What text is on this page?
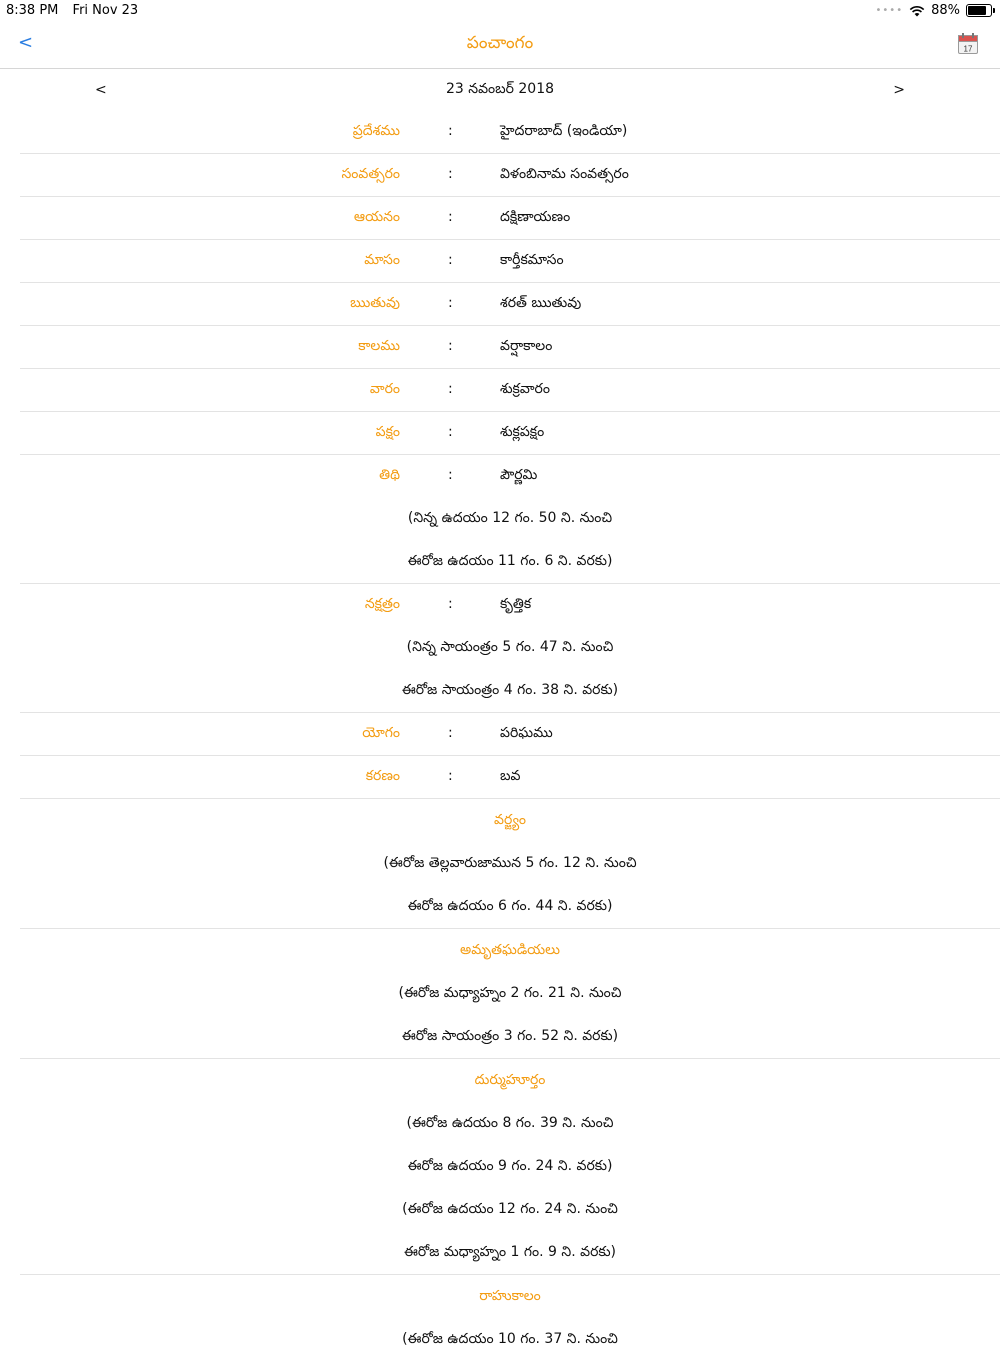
8:38 PM Fri Nov 23	•••• 88%
<	పంచాంగం	17
<	23 నవంబర్ 2018	>
ప్రదేశము	:	హైదరాబాద్ (ఇండియా)
సంవత్సరం	:	విళంబినామ సంవత్సరం
ఆయనం	:	దక్షిణాయణం
మాసం	:	కార్తీకమాసం
ఋతువు	:	శరత్ ఋతువు
కాలము	:	వర్షాకాలం
వారం	:	శుక్రవారం
పక్షం	:	శుక్లపక్షం
తిథి	:	పౌర్ణమి
(నిన్న ఉదయం 12 గం. 50 ని. నుంచి
ఈరోజ ఉదయం 11 గం. 6 ని. వరకు)
నక్షత్రం	:	కృత్తిక
(నిన్న సాయంత్రం 5 గం. 47 ని. నుంచి
ఈరోజ సాయంత్రం 4 గం. 38 ని. వరకు)
యోగం	:	పరిఘము
కరణం	:	బవ
వర్జ్యం
(ఈరోజ తెల్లవారుజామున 5 గం. 12 ని. నుంచి
ఈరోజ ఉదయం 6 గం. 44 ని. వరకు)
అమృతఘడియలు
(ఈరోజ మధ్యాహ్నం 2 గం. 21 ని. నుంచి
ఈరోజ సాయంత్రం 3 గం. 52 ని. వరకు)
దుర్ముహూర్తం
(ఈరోజ ఉదయం 8 గం. 39 ని. నుంచి
ఈరోజ ఉదయం 9 గం. 24 ని. వరకు)
(ఈరోజ ఉదయం 12 గం. 24 ని. నుంచి
ఈరోజ మధ్యాహ్నం 1 గం. 9 ని. వరకు)
రాహుకాలం
(ఈరోజ ఉదయం 10 గం. 37 ని. నుంచి
